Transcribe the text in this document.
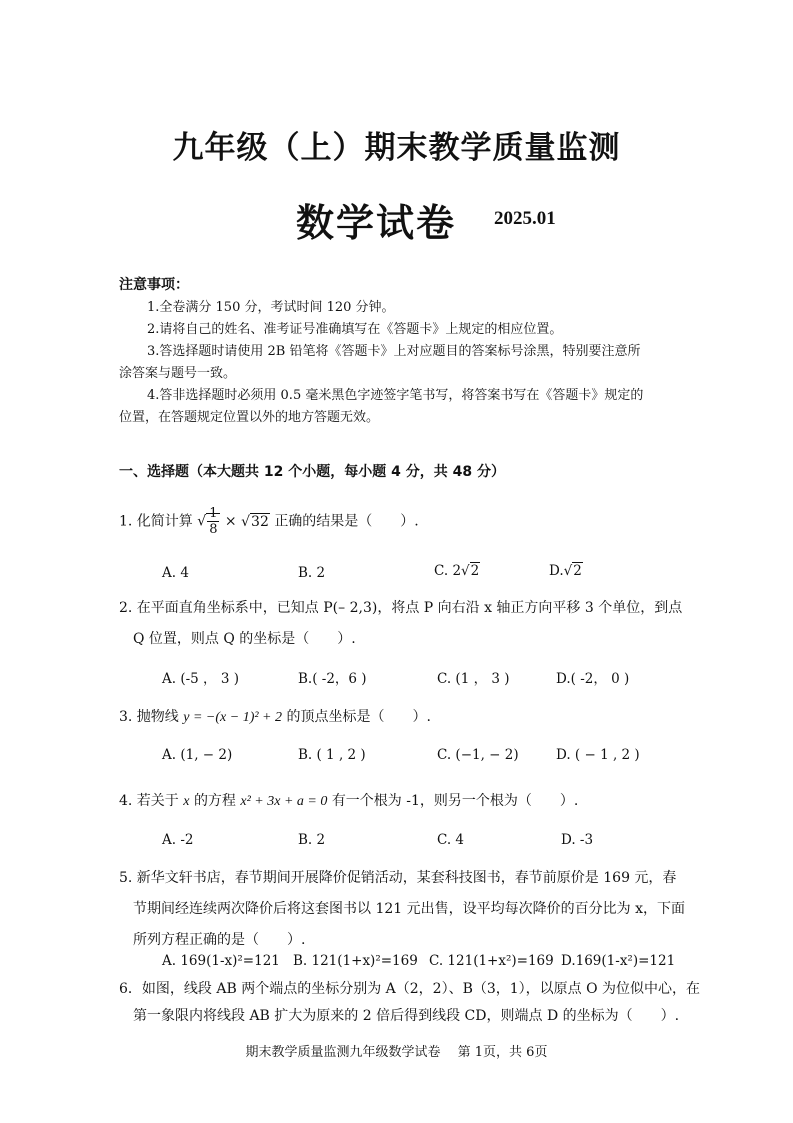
九年级（上）期末教学质量监测
数学试卷 2025.01
注意事项：
1.全卷满分 150 分，考试时间 120 分钟。
2.请将自己的姓名、准考证号准确填写在《答题卡》上规定的相应位置。
3.答选择题时请使用 2B 铅笔将《答题卡》上对应题目的答案标号涂黑，特别要注意所
涂答案与题号一致。
4.答非选择题时必须用 0.5 毫米黑色字迹签字笔书写，将答案书写在《答题卡》规定的
位置，在答题规定位置以外的地方答题无效。
一、选择题（本大题共 12 个小题，每小题 4 分，共 48 分）
1. 化简计算 √ $\frac{1}{8} \times √32$ 正确的结果是（　　）.
A. 4	B. 2	C. 2√2	D.√2
2. 在平面直角坐标系中，已知点 P(– 2,3)，将点 P 向右沿 x 轴正方向平移 3 个单位，到点
Q 位置，则点 Q 的坐标是（　　）.
A. (-5 ， 3 )	B.( -2，6 )	C. (1 ， 3 )	D.( -2， 0 )
3. 抛物线 y = −(x − 1)² + 2 的顶点坐标是（　　）.
A. (1, − 2)	B. ( 1 , 2 )	C. (−1, − 2)	D. ( − 1 , 2 )
4. 若关于 x 的方程 x² + 3x + a = 0 有一个根为 -1，则另一个根为（　　）.
A. -2	B. 2	C. 4	D. -3
5. 新华文轩书店，春节期间开展降价促销活动，某套科技图书，春节前原价是 169 元，春
节期间经连续两次降价后将这套图书以 121 元出售，设平均每次降价的百分比为 x，下面
所列方程正确的是（　　）.
A. 169(1-x)²=121 B. 121(1+x)²=169 C. 121(1+x²)=169 D.169(1-x²)=121
6．如图，线段 AB 两个端点的坐标分别为 A（2，2）、B（3，1），以原点 O 为位似中心，在
第一象限内将线段 AB 扩大为原来的 2 倍后得到线段 CD，则端点 D 的坐标为（　　）.
期末教学质量监测九年级数学试卷　 第 1页，共 6页
